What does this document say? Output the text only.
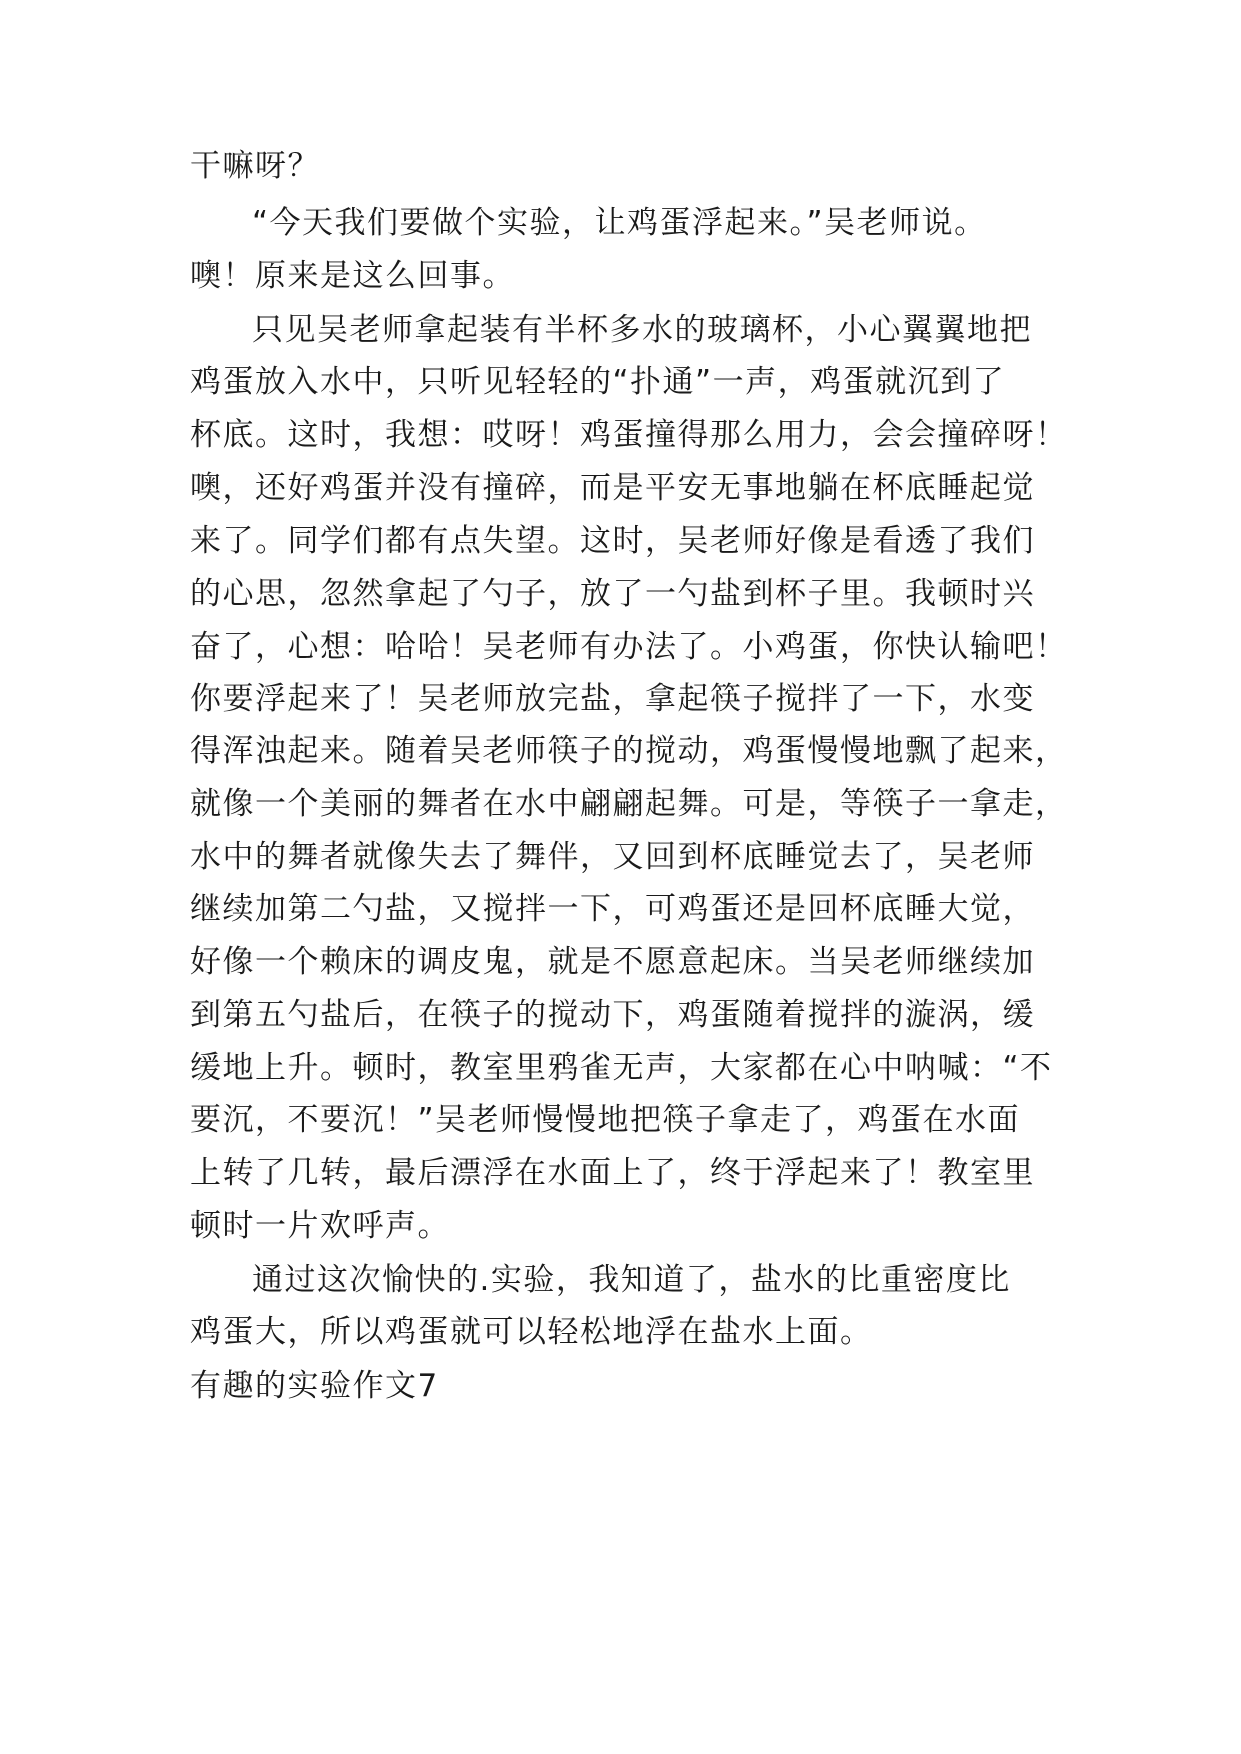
干嘛呀？
“今天我们要做个实验，让鸡蛋浮起来。”吴老师说。
噢！原来是这么回事。
只见吴老师拿起装有半杯多水的玻璃杯，小心翼翼地把
鸡蛋放入水中，只听见轻轻的“扑通”一声，鸡蛋就沉到了
杯底。这时，我想：哎呀！鸡蛋撞得那么用力，会会撞碎呀！
噢，还好鸡蛋并没有撞碎，而是平安无事地躺在杯底睡起觉
来了。同学们都有点失望。这时，吴老师好像是看透了我们
的心思，忽然拿起了勺子，放了一勺盐到杯子里。我顿时兴
奋了，心想：哈哈！吴老师有办法了。小鸡蛋，你快认输吧！
你要浮起来了！吴老师放完盐，拿起筷子搅拌了一下，水变
得浑浊起来。随着吴老师筷子的搅动，鸡蛋慢慢地飘了起来，
就像一个美丽的舞者在水中翩翩起舞。可是，等筷子一拿走，
水中的舞者就像失去了舞伴，又回到杯底睡觉去了，吴老师
继续加第二勺盐，又搅拌一下，可鸡蛋还是回杯底睡大觉，
好像一个赖床的调皮鬼，就是不愿意起床。当吴老师继续加
到第五勺盐后，在筷子的搅动下，鸡蛋随着搅拌的漩涡，缓
缓地上升。顿时，教室里鸦雀无声，大家都在心中呐喊：“不
要沉，不要沉！”吴老师慢慢地把筷子拿走了，鸡蛋在水面
上转了几转，最后漂浮在水面上了，终于浮起来了！教室里
顿时一片欢呼声。
通过这次愉快的.实验，我知道了，盐水的比重密度比
鸡蛋大，所以鸡蛋就可以轻松地浮在盐水上面。
有趣的实验作文7
